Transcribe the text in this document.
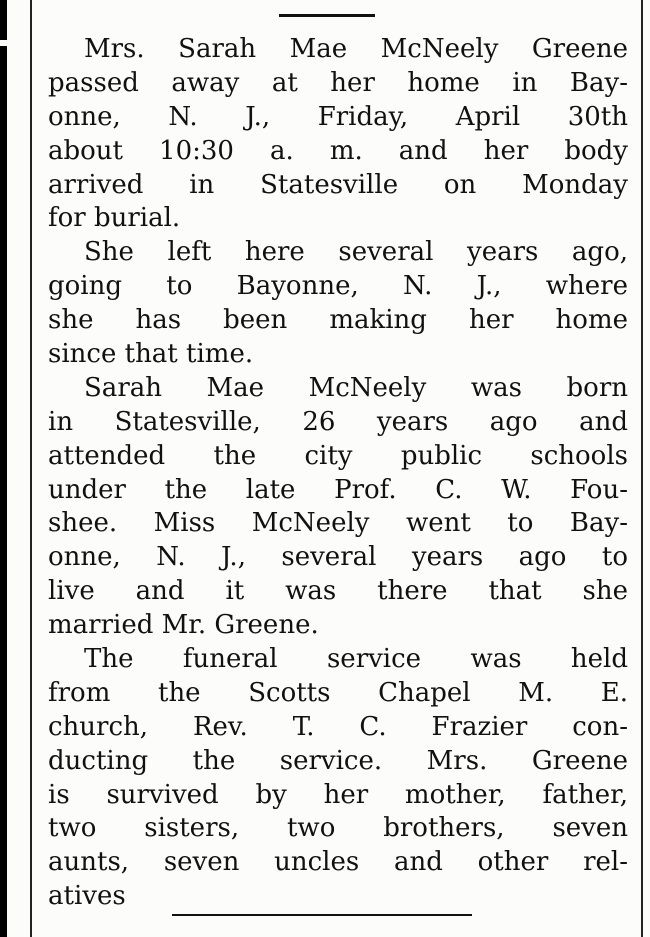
Mrs. Sarah Mae McNeely Greene
passed away at her home in Bay-
onne, N. J., Friday, April 30th
about 10:30 a. m. and her body
arrived in Statesville on Monday
for burial.
She left here several years ago,
going to Bayonne, N. J., where
she has been making her home
since that time.
Sarah Mae McNeely was born
in Statesville, 26 years ago and
attended the city public schools
under the late Prof. C. W. Fou-
shee. Miss McNeely went to Bay-
onne, N. J., several years ago to
live and it was there that she
married Mr. Greene.
The funeral service was held
from the Scotts Chapel M. E.
church, Rev. T. C. Frazier con-
ducting the service. Mrs. Greene
is survived by her mother, father,
two sisters, two brothers, seven
aunts, seven uncles and other rel-
atives
